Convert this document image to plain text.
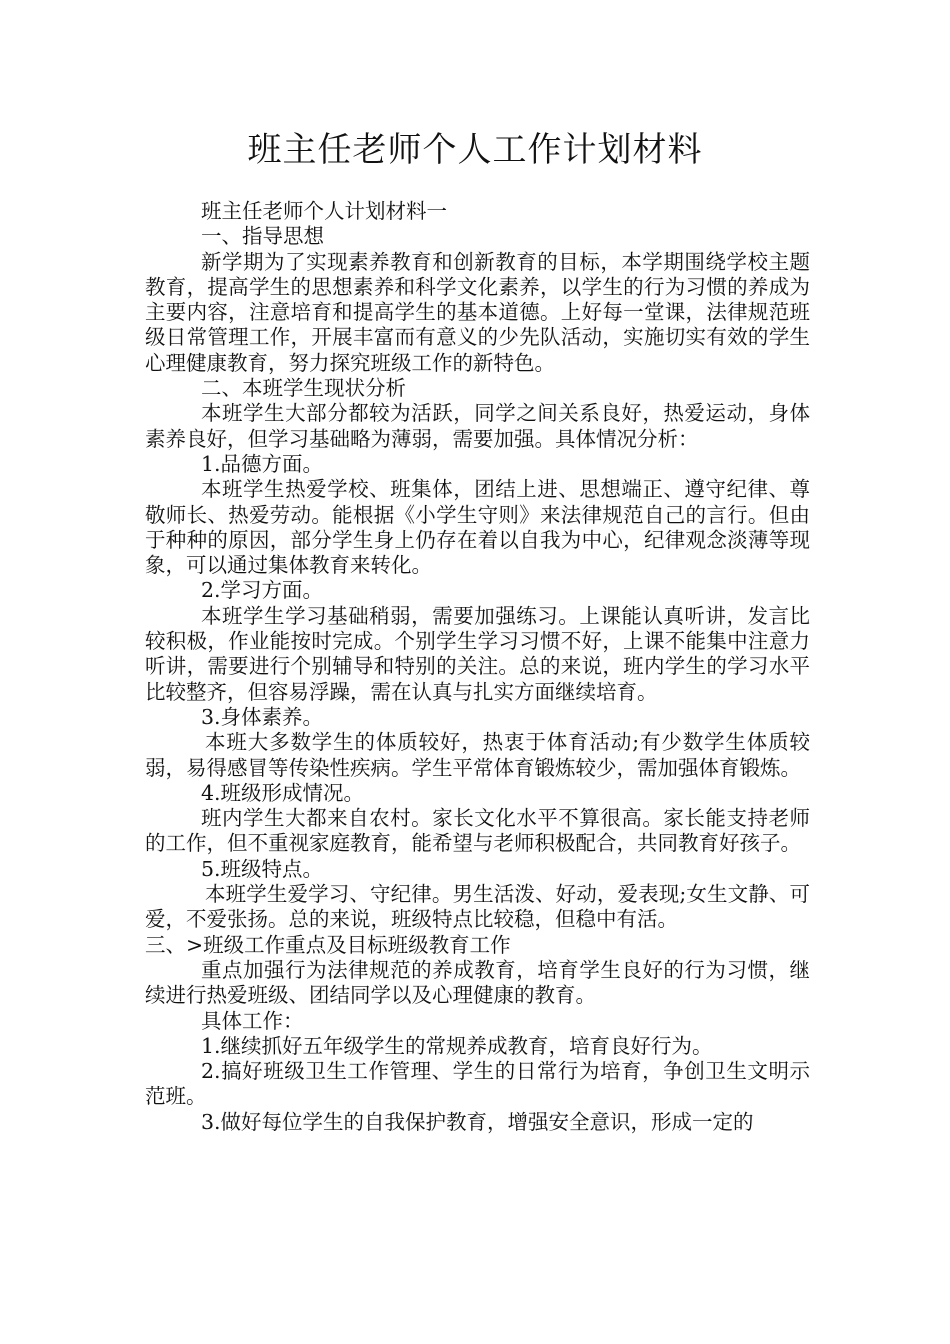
班主任老师个人工作计划材料

班主任老师个人计划材料一

一、指导思想

新学期为了实现素养教育和创新教育的目标，本学期围绕学校主题教育，提高学生的思想素养和科学文化素养，以学生的行为习惯的养成为主要内容，注意培育和提高学生的基本道德。上好每一堂课，法律规范班级日常管理工作，开展丰富而有意义的少先队活动，实施切实有效的学生心理健康教育，努力探究班级工作的新特色。

二、本班学生现状分析

本班学生大部分都较为活跃，同学之间关系良好，热爱运动，身体素养良好，但学习基础略为薄弱，需要加强。具体情况分析：

1.品德方面。

本班学生热爱学校、班集体，团结上进、思想端正、遵守纪律、尊敬师长、热爱劳动。能根据《小学生守则》来法律规范自己的言行。但由于种种的原因，部分学生身上仍存在着以自我为中心，纪律观念淡薄等现象，可以通过集体教育来转化。

2.学习方面。

本班学生学习基础稍弱，需要加强练习。上课能认真听讲，发言比较积极，作业能按时完成。个别学生学习习惯不好，上课不能集中注意力听讲，需要进行个别辅导和特别的关注。总的来说，班内学生的学习水平比较整齐，但容易浮躁，需在认真与扎实方面继续培育。

3.身体素养。

本班大多数学生的体质较好，热衷于体育活动;有少数学生体质较弱，易得感冒等传染性疾病。学生平常体育锻炼较少，需加强体育锻炼。

4.班级形成情况。

班内学生大都来自农村。家长文化水平不算很高。家长能支持老师的工作，但不重视家庭教育，能希望与老师积极配合，共同教育好孩子。

5.班级特点。

本班学生爱学习、守纪律。男生活泼、好动，爱表现;女生文静、可爱，不爱张扬。总的来说，班级特点比较稳，但稳中有活。

三、>班级工作重点及目标班级教育工作

重点加强行为法律规范的养成教育，培育学生良好的行为习惯，继续进行热爱班级、团结同学以及心理健康的教育。

具体工作：

1.继续抓好五年级学生的常规养成教育，培育良好行为。

2.搞好班级卫生工作管理、学生的日常行为培育，争创卫生文明示范班。

3.做好每位学生的自我保护教育，增强安全意识，形成一定的
